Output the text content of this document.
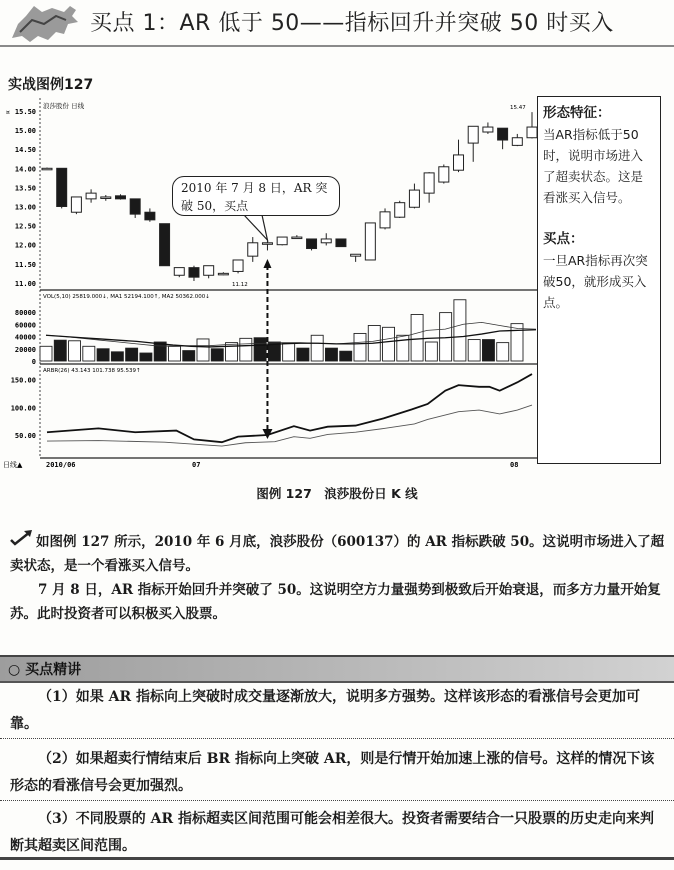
买点 1：AR 低于 50——指标回升并突破 50 时买入
实战图例127
¤ 15.50
15.00
14.50
14.00
13.50
13.00
12.50
12.00
11.50
11.00
浪莎股份 日线	15.47
11.12
VOL(5,10) 25819.000↓, MA1 52194.100↑, MA2 50362.000↓
80000
60000
40000
20000
0
ARBR(26) 43.143 101.738 95.539↑
150.00
100.00
50.00
日线▲	2010/06	07	08
2010 年 7 月 8 日，AR 突破 50，买点

形态特征：

当AR指标低于50时，说明市场进入了超卖状态。这是看涨买入信号。

买点：

一旦AR指标再次突破50，就形成买入点。

图例 127　浪莎股份日 K 线
如图例 127 所示，2010 年 6 月底，浪莎股份（600137）的 AR 指标跌破 50。这说明市场进入了超卖状态，是一个看涨买入信号。
7 月 8 日，AR 指标开始回升并突破了 50。这说明空方力量强势到极致后开始衰退，而多方力量开始复苏。此时投资者可以积极买入股票。
○ 买点精讲
（1）如果 AR 指标向上突破时成交量逐渐放大，说明多方强势。这样该形态的看涨信号会更加可靠。
（2）如果超卖行情结束后 BR 指标向上突破 AR，则是行情开始加速上涨的信号。这样的情况下该形态的看涨信号会更加强烈。
（3）不同股票的 AR 指标超卖区间范围可能会相差很大。投资者需要结合一只股票的历史走向来判断其超卖区间范围。
